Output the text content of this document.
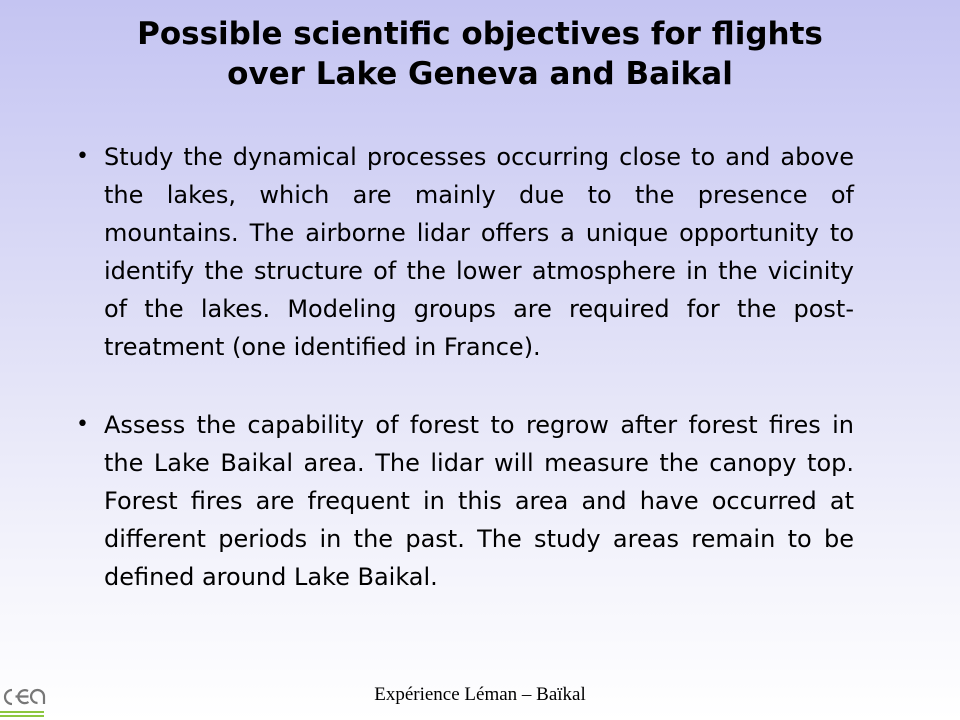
Possible scientific objectives for flights
over Lake Geneva and Baikal
• Study the dynamical processes occurring close to and above the lakes, which are mainly due to the presence of mountains. The airborne lidar offers a unique opportunity to identify the structure of the lower atmosphere in the vicinity of the lakes. Modeling groups are required for the post-treatment (one identified in France).
• Assess the capability of forest to regrow after forest fires in the Lake Baikal area. The lidar will measure the canopy top. Forest fires are frequent in this area and have occurred at different periods in the past. The study areas remain to be defined around Lake Baikal.
Expérience Léman – Baïkal
